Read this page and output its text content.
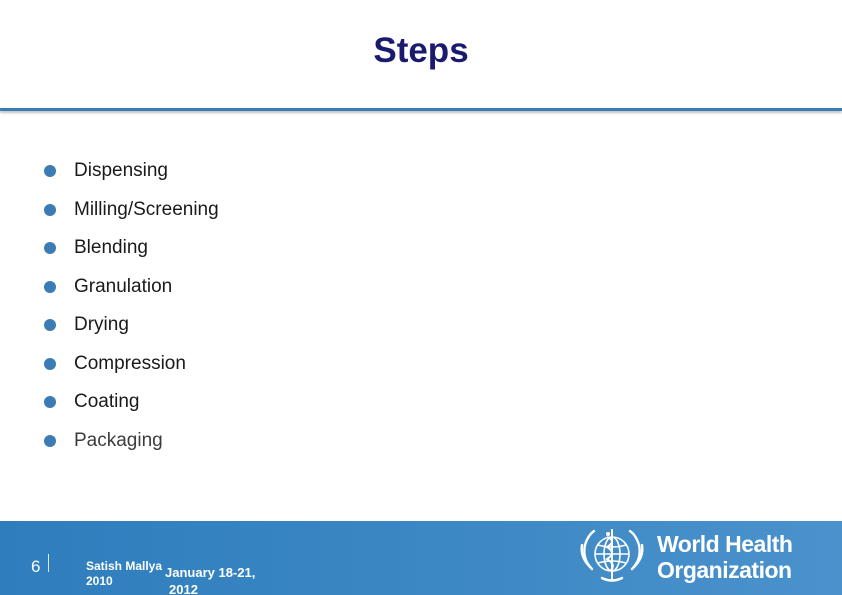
Steps
Dispensing
Milling/Screening
Blending
Granulation
Drying
Compression
Coating
Packaging
6	Satish Mallya
2010
January 18-21,
2012
World Health
Organization
